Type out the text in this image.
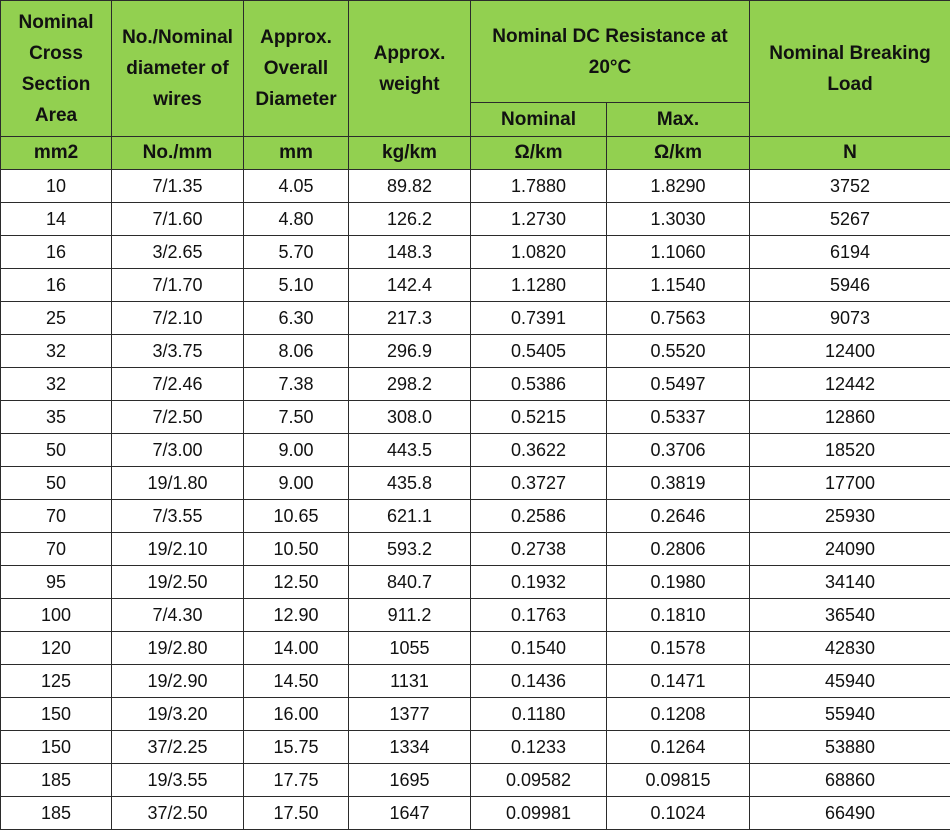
Nominal Cross Section Area	No./Nominal diameter of wires	Approx. Overall Diameter	Approx. weight	Nominal DC Resistance at 20°C		Nominal Breaking Load
				Nominal	Max.	
mm2	No./mm	mm	kg/km	Ω/km	Ω/km	N
10	7/1.35	4.05	89.82	1.7880	1.8290	3752
14	7/1.60	4.80	126.2	1.2730	1.3030	5267
16	3/2.65	5.70	148.3	1.0820	1.1060	6194
16	7/1.70	5.10	142.4	1.1280	1.1540	5946
25	7/2.10	6.30	217.3	0.7391	0.7563	9073
32	3/3.75	8.06	296.9	0.5405	0.5520	12400
32	7/2.46	7.38	298.2	0.5386	0.5497	12442
35	7/2.50	7.50	308.0	0.5215	0.5337	12860
50	7/3.00	9.00	443.5	0.3622	0.3706	18520
50	19/1.80	9.00	435.8	0.3727	0.3819	17700
70	7/3.55	10.65	621.1	0.2586	0.2646	25930
70	19/2.10	10.50	593.2	0.2738	0.2806	24090
95	19/2.50	12.50	840.7	0.1932	0.1980	34140
100	7/4.30	12.90	911.2	0.1763	0.1810	36540
120	19/2.80	14.00	1055	0.1540	0.1578	42830
125	19/2.90	14.50	1131	0.1436	0.1471	45940
150	19/3.20	16.00	1377	0.1180	0.1208	55940
150	37/2.25	15.75	1334	0.1233	0.1264	53880
185	19/3.55	17.75	1695	0.09582	0.09815	68860
185	37/2.50	17.50	1647	0.09981	0.1024	66490
